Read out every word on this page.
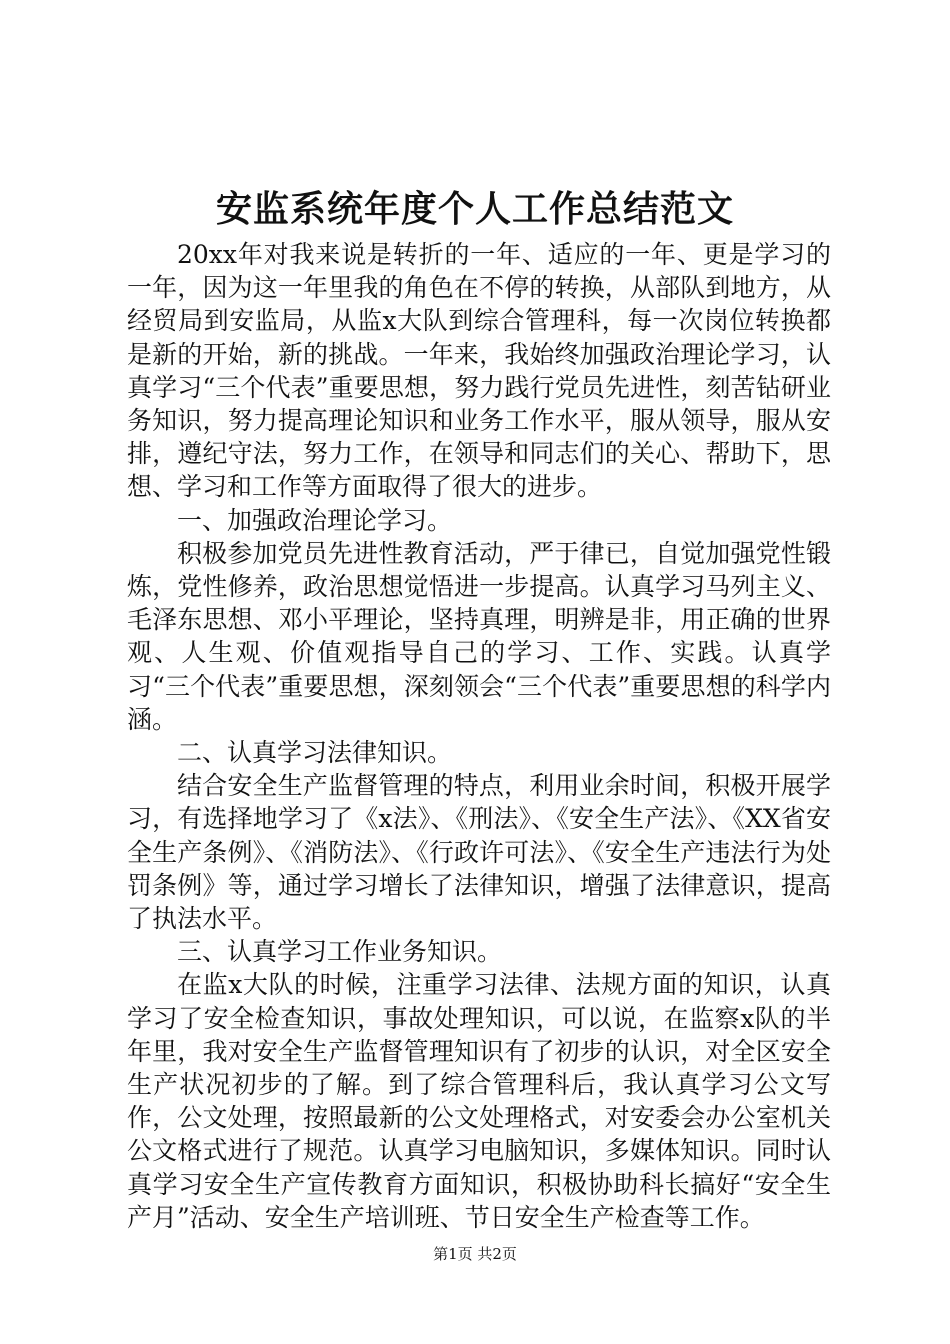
安监系统年度个人工作总结范文

20xx年对我来说是转折的一年、适应的一年、更是学习的一年，因为这一年里我的角色在不停的转换，从部队到地方，从经贸局到安监局，从监x大队到综合管理科，每一次岗位转换都是新的开始，新的挑战。一年来，我始终加强政治理论学习，认真学习“三个代表”重要思想，努力践行党员先进性，刻苦钻研业务知识，努力提高理论知识和业务工作水平，服从领导，服从安排，遵纪守法，努力工作，在领导和同志们的关心、帮助下，思想、学习和工作等方面取得了很大的进步。

一、加强政治理论学习。

积极参加党员先进性教育活动，严于律已，自觉加强党性锻炼，党性修养，政治思想觉悟进一步提高。认真学习马列主义、毛泽东思想、邓小平理论，坚持真理，明辨是非，用正确的世界观、人生观、价值观指导自己的学习、工作、实践。认真学习“三个代表”重要思想，深刻领会“三个代表”重要思想的科学内涵。

二、认真学习法律知识。

结合安全生产监督管理的特点，利用业余时间，积极开展学习，有选择地学习了《x法》、《刑法》、《安全生产法》、《XX省安全生产条例》、《消防法》、《行政许可法》、《安全生产违法行为处罚条例》等，通过学习增长了法律知识，增强了法律意识，提高了执法水平。

三、认真学习工作业务知识。

在监x大队的时候，注重学习法律、法规方面的知识，认真学习了安全检查知识，事故处理知识，可以说，在监察x队的半年里，我对安全生产监督管理知识有了初步的认识，对全区安全生产状况初步的了解。到了综合管理科后，我认真学习公文写作，公文处理，按照最新的公文处理格式，对安委会办公室机关公文格式进行了规范。认真学习电脑知识，多媒体知识。同时认真学习安全生产宣传教育方面知识，积极协助科长搞好“安全生产月”活动、安全生产培训班、节日安全生产检查等工作。

第1页 共2页
